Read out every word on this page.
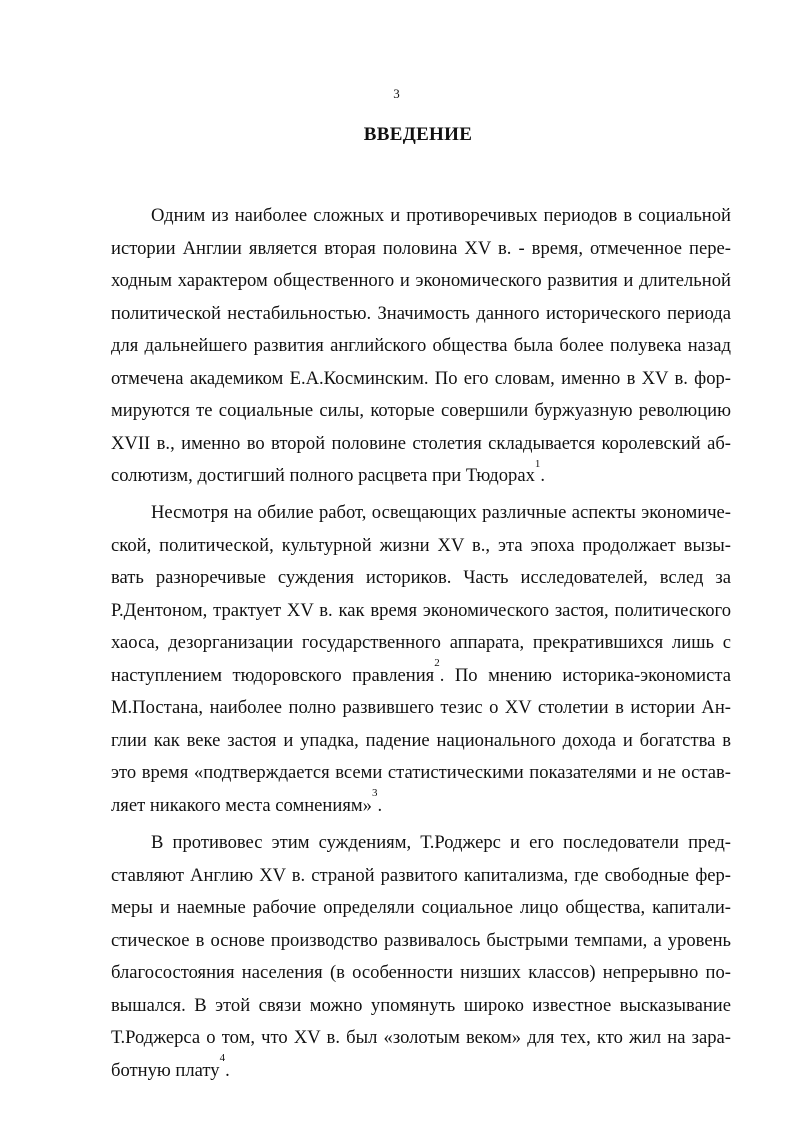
3
ВВЕДЕНИЕ
Одним из наиболее сложных и противоречивых периодов в социальной
истории Англии является вторая половина XV в. - время, отмеченное пере-
ходным характером общественного и экономического развития и длительной
политической нестабильностью. Значимость данного исторического периода
для дальнейшего развития английского общества была более полувека назад
отмечена академиком Е.А.Косминским. По его словам, именно в XV в. фор-
мируются те социальные силы, которые совершили буржуазную революцию
XVII в., именно во второй половине столетия складывается королевский аб-
солютизм, достигший полного расцвета при Тюдорах$^1$.
Несмотря на обилие работ, освещающих различные аспекты экономиче-
ской, политической, культурной жизни XV в., эта эпоха продолжает вызы-
вать разноречивые суждения историков. Часть исследователей, вслед за
Р.Дентоном, трактует XV в. как время экономического застоя, политического
хаоса, дезорганизации государственного аппарата, прекратившихся лишь с
наступлением тюдоровского правления$^2$. По мнению историка-экономиста
М.Постана, наиболее полно развившего тезис о XV столетии в истории Ан-
глии как веке застоя и упадка, падение национального дохода и богатства в
это время «подтверждается всеми статистическими показателями и не остав-
ляет никакого места сомнениям»$^3$.
В противовес этим суждениям, Т.Роджерс и его последователи пред-
ставляют Англию XV в. страной развитого капитализма, где свободные фер-
меры и наемные рабочие определяли социальное лицо общества, капитали-
стическое в основе производство развивалось быстрыми темпами, а уровень
благосостояния населения (в особенности низших классов) непрерывно по-
вышался. В этой связи можно упомянуть широко известное высказывание
Т.Роджерса о том, что XV в. был «золотым веком» для тех, кто жил на зара-
ботную плату$^4$.
